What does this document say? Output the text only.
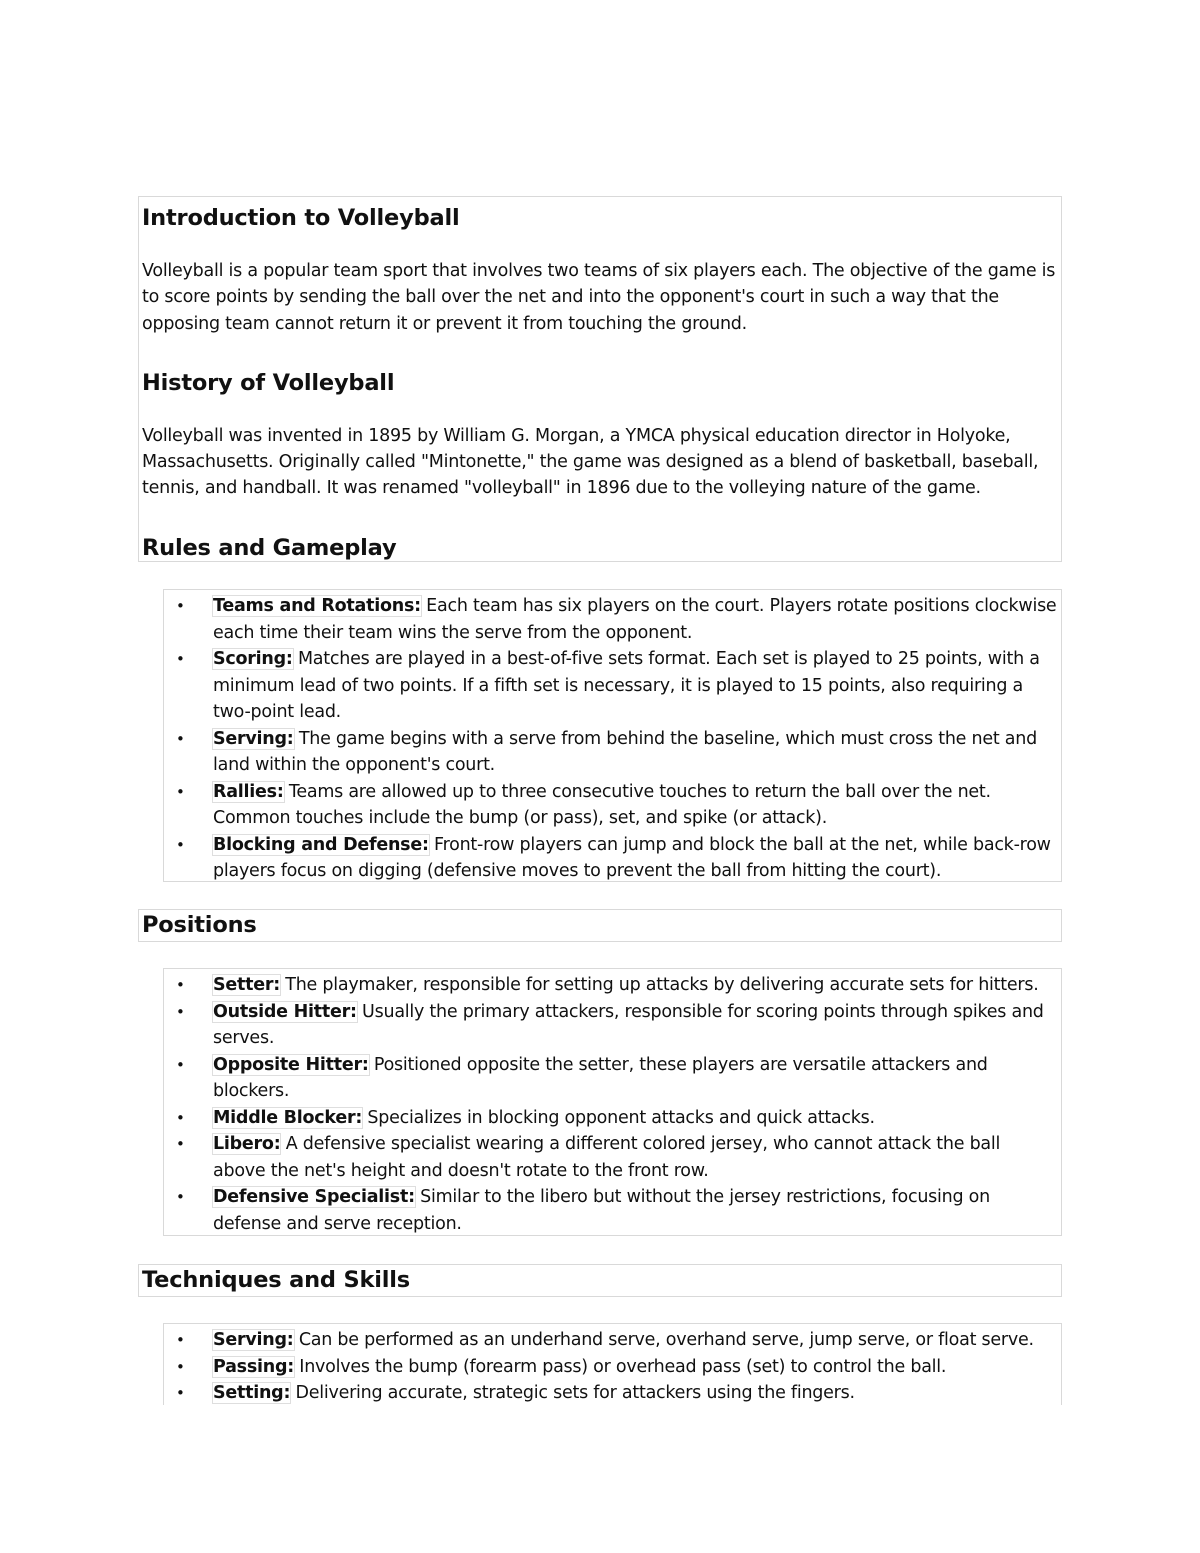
Introduction to Volleyball

Volleyball is a popular team sport that involves two teams of six players each. The objective of the game is to score points by sending the ball over the net and into the opponent's court in such a way that the opposing team cannot return it or prevent it from touching the ground.

History of Volleyball

Volleyball was invented in 1895 by William G. Morgan, a YMCA physical education director in Holyoke, Massachusetts. Originally called "Mintonette," the game was designed as a blend of basketball, baseball, tennis, and handball. It was renamed "volleyball" in 1896 due to the volleying nature of the game.

Rules and Gameplay
• Teams and Rotations: Each team has six players on the court. Players rotate positions clockwise each time their team wins the serve from the opponent.
• Scoring: Matches are played in a best-of-five sets format. Each set is played to 25 points, with a minimum lead of two points. If a fifth set is necessary, it is played to 15 points, also requiring a two-point lead.
• Serving: The game begins with a serve from behind the baseline, which must cross the net and land within the opponent's court.
• Rallies: Teams are allowed up to three consecutive touches to return the ball over the net. Common touches include the bump (or pass), set, and spike (or attack).
• Blocking and Defense: Front-row players can jump and block the ball at the net, while back-row players focus on digging (defensive moves to prevent the ball from hitting the court).
Positions
• Setter: The playmaker, responsible for setting up attacks by delivering accurate sets for hitters.
• Outside Hitter: Usually the primary attackers, responsible for scoring points through spikes and serves.
• Opposite Hitter: Positioned opposite the setter, these players are versatile attackers and blockers.
• Middle Blocker: Specializes in blocking opponent attacks and quick attacks.
• Libero: A defensive specialist wearing a different colored jersey, who cannot attack the ball above the net's height and doesn't rotate to the front row.
• Defensive Specialist: Similar to the libero but without the jersey restrictions, focusing on defense and serve reception.
Techniques and Skills
• Serving: Can be performed as an underhand serve, overhand serve, jump serve, or float serve.
• Passing: Involves the bump (forearm pass) or overhead pass (set) to control the ball.
• Setting: Delivering accurate, strategic sets for attackers using the fingers.
